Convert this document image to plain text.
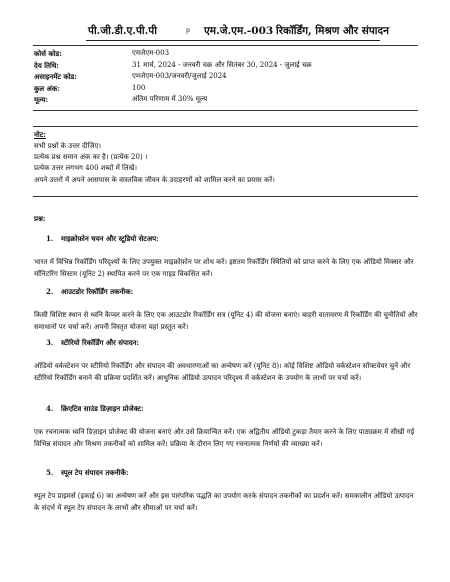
पी.जी.डी.ए.पी.पी	p एम.जे.एम.-003 रिकॉर्डिंग, मिश्रण और संपादन
कोर्स कोड:	एमजेएम-003
देय तिथि:	31 मार्च, 2024 - जनवरी चक्र और सितंबर 30, 2024 - जुलाई चक्र
असाइनमेंट कोड:	एमजेएम-003/जनवरी/जुलाई 2024
कुल अंक:	100
मूल्य:	अंतिम परिणाम में 30% मूल्य
नोट:
सभी प्रश्नों के उत्तर दीजिए।
प्रत्येक प्रश्न समान अंक का है। (प्रत्येक 20) ।
प्रत्येक उत्तर लगभग 400 शब्दों में लिखें।
अपने उत्तरों में अपने आसपास के वास्तविक जीवन के उदाहरणों को शामिल करने का प्रयास करें।
प्रश्न:
1. माइक्रोफ़ोन चयन और स्टूडियो सेटअप:
भारत में विभिन्न रिकॉर्डिंग परिदृश्यों के लिए उपयुक्त माइक्रोफ़ोन पर शोध करें। इष्टतम रिकॉर्डिंग स्थितियों को प्राप्त करने के लिए एक ऑडियो मिक्सर और मॉनिटरिंग सिस्टम (यूनिट 2) स्थापित करने पर एक गाइड विकसित करें।
2. आउटडोर रिकॉर्डिंग तकनीक:
किसी विशिष्ट स्थान से ध्वनि कैप्चर करने के लिए एक आउटडोर रिकॉर्डिंग सत्र (यूनिट 4) की योजना बनाएं। बाहरी वातावरण में रिकॉर्डिंग की चुनौतियों और समाधानों पर चर्चा करें। अपनी विस्तृत योजना यहां प्रस्तुत करें।
3. स्टीरियो रिकॉर्डिंग और संपादन:
ऑडियो वर्कस्टेशन पर स्टीरियो रिकॉर्डिंग और संपादन की अवधारणाओं का अन्वेषण करें (यूनिट 8)। कोई विशिष्ट ऑडियो वर्कस्टेशन सॉफ्टवेयर चुनें और स्टीरियो रिकॉर्डिंग बनाने की प्रक्रिया प्रदर्शित करें। आधुनिक ऑडियो उत्पादन परिदृश्य में वर्कस्टेशन के उपयोग के लाभों पर चर्चा करें।
4. क्रिएटिव साउंड डिज़ाइन प्रोजेक्ट:
एक रचनात्मक ध्वनि डिज़ाइन प्रोजेक्ट की योजना बनाएं और उसे क्रियान्वित करें। एक अद्वितीय ऑडियो टुकड़ा तैयार करने के लिए पाठ्यक्रम में सीखी गई विभिन्न संपादन और मिश्रण तकनीकों को शामिल करें। प्रक्रिया के दौरान लिए गए रचनात्मक निर्णयों की व्याख्या करें।
5. स्पूल टेप संपादन तकनीकें:
स्पूल टेप प्राइमर्स (इकाई 6) का अन्वेषण करें और इस पारंपरिक पद्धति का उपयोग करके संपादन तकनीकों का प्रदर्शन करें। समकालीन ऑडियो उत्पादन के संदर्भ में स्पूल टेप संपादन के लाभों और सीमाओं पर चर्चा करें।
